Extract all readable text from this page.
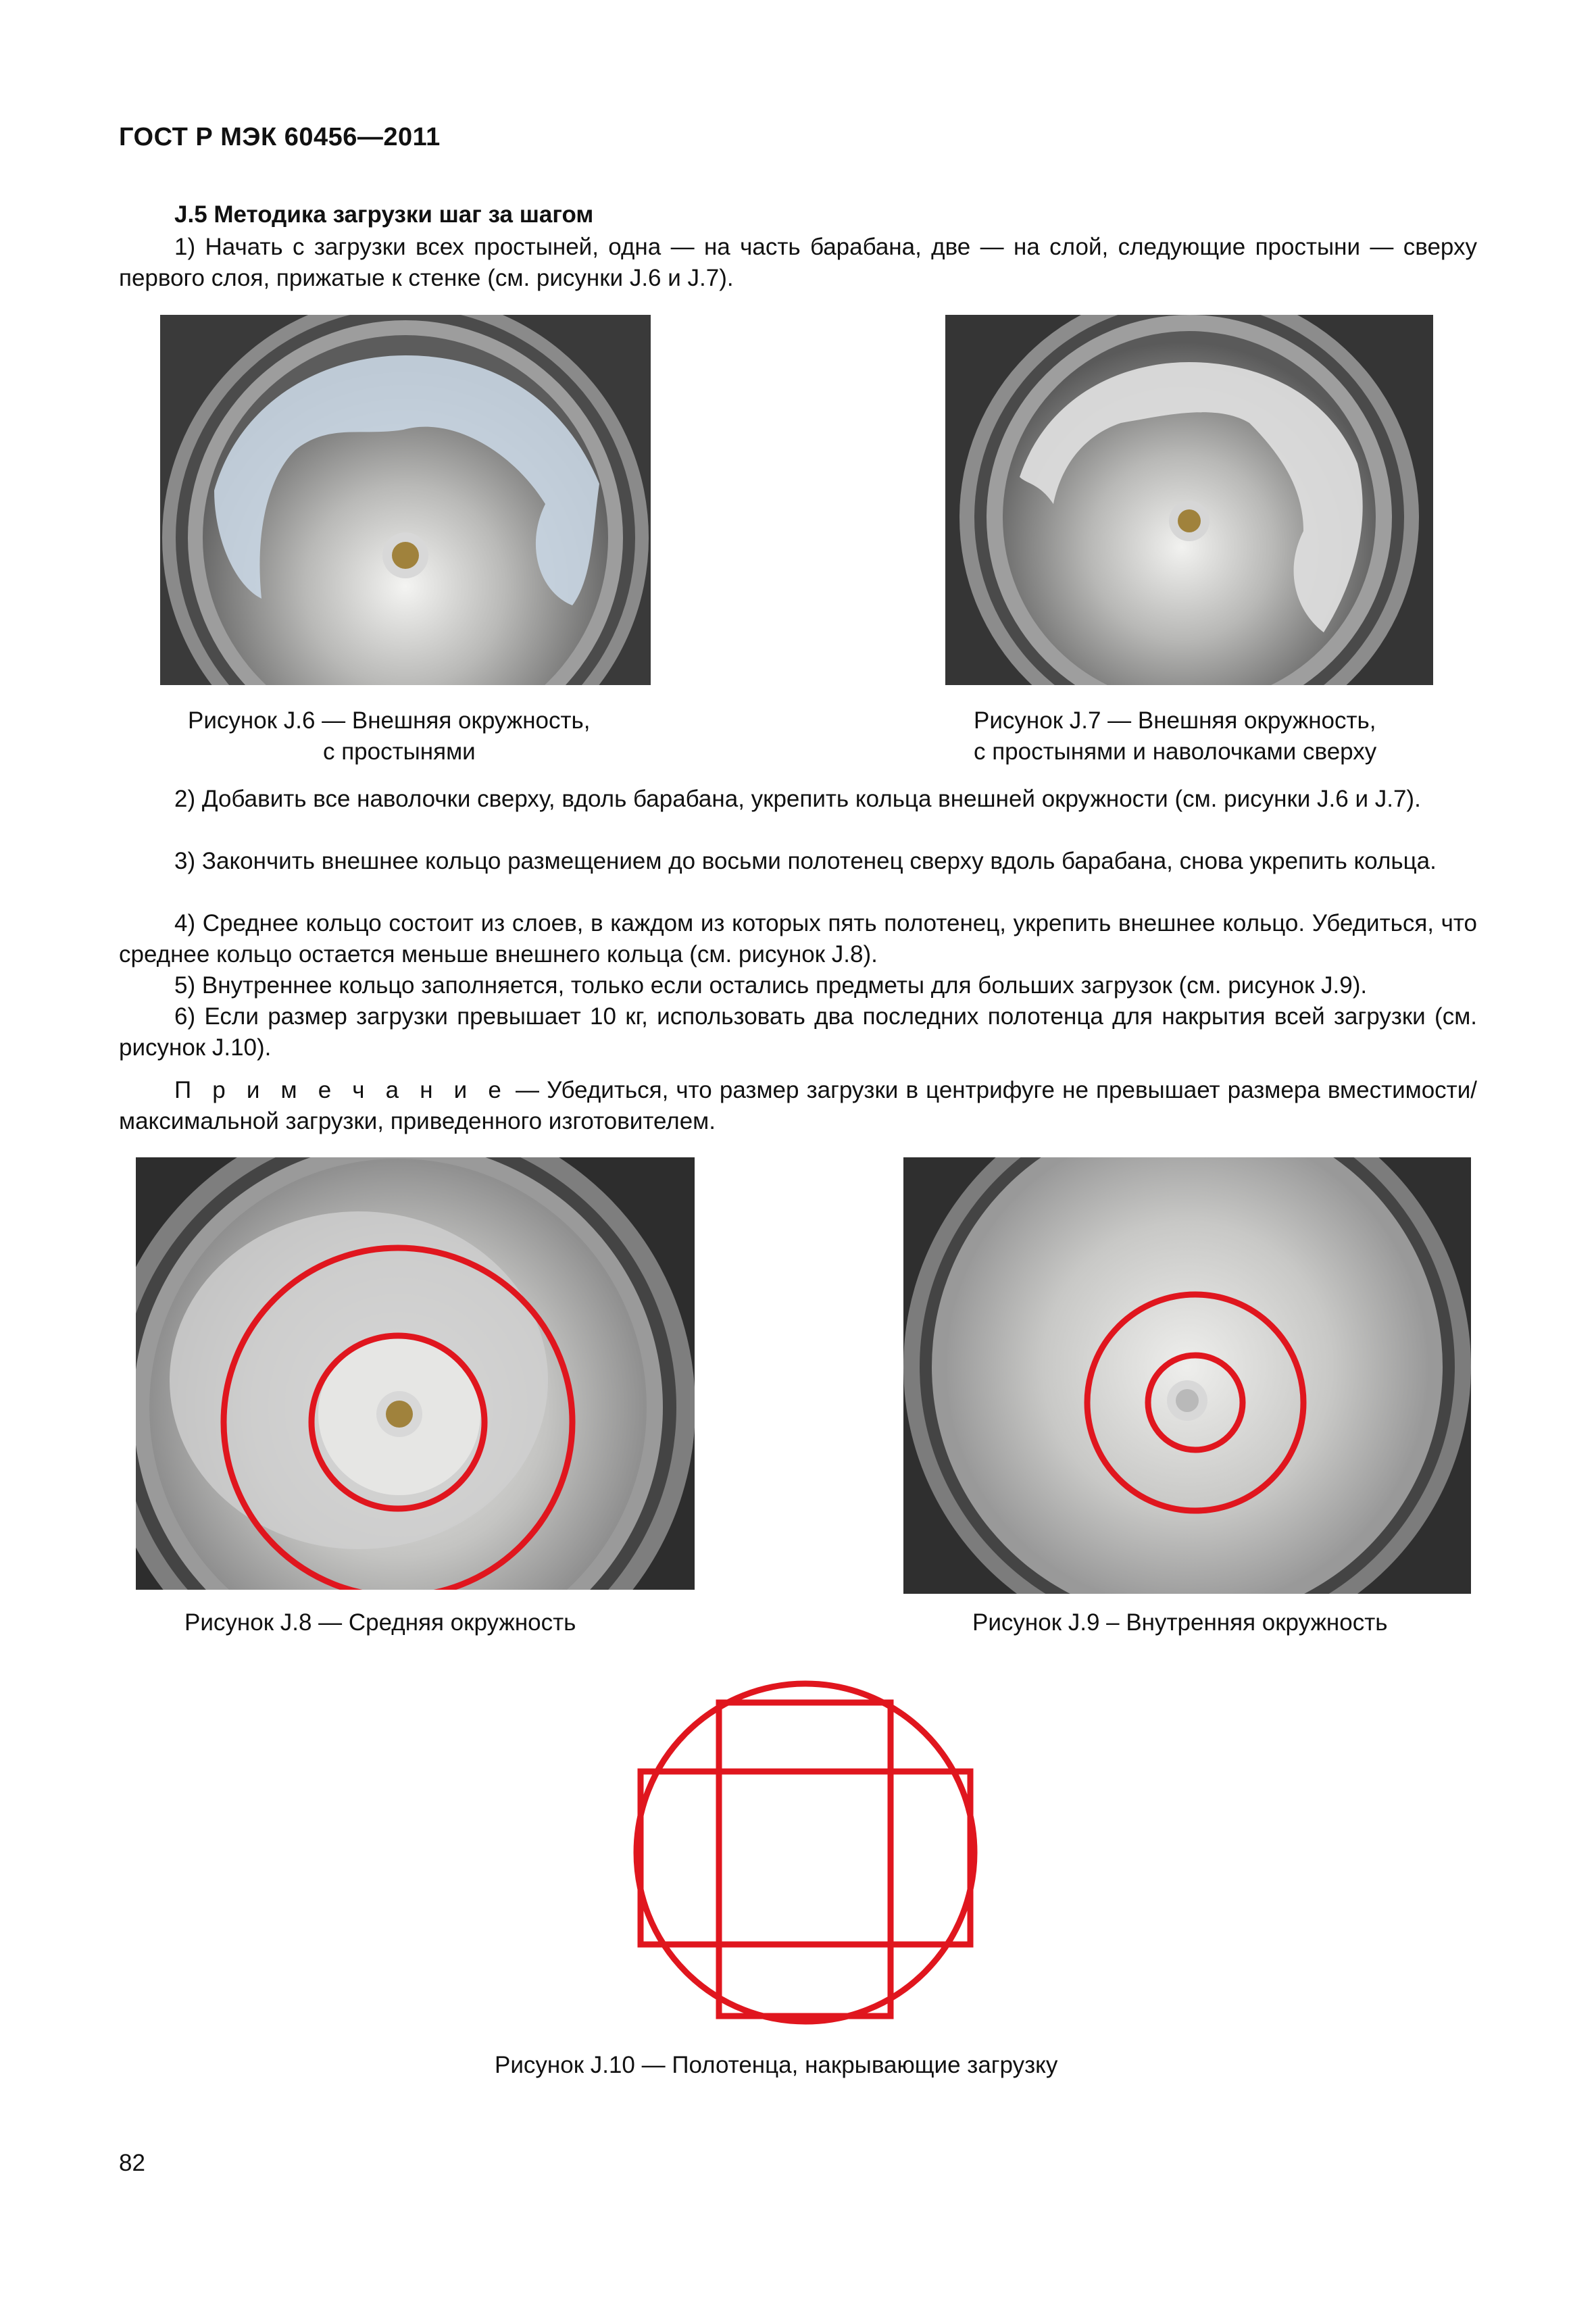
ГОСТ Р МЭК 60456—2011
J.5 Методика загрузки шаг за шагом

1) Начать с загрузки всех простыней, одна — на часть барабана, две — на слой, следующие простыни — сверху первого слоя, прижатые к стенке (см. рисунки J.6 и J.7).

Рисунок J.6 — Внешняя окружность,
с простынями
Рисунок J.7 — Внешняя окружность,
с простынями и наволочками сверху

2) Добавить все наволочки сверху, вдоль барабана, укрепить кольца внешней окружности (см. рисунки J.6 и J.7).

3) Закончить внешнее кольцо размещением до восьми полотенец сверху вдоль барабана, снова укрепить кольца.

4) Среднее кольцо состоит из слоев, в каждом из которых пять полотенец, укрепить внешнее кольцо. Убедиться, что среднее кольцо остается меньше внешнего кольца (см. рисунок J.8).

5) Внутреннее кольцо заполняется, только если остались предметы для больших загрузок (см. рисунок J.9).

6) Если размер загрузки превышает 10 кг, использовать два последних полотенца для накрытия всей загрузки (см. рисунок J.10).

П р и м е ч а н и е — Убедиться, что размер загрузки в центрифуге не превышает размера вместимости/ максимальной загрузки, приведенного изготовителем.

Рисунок J.8 — Средняя окружность	Рисунок J.9 – Внутренняя окружность
Рисунок J.10 — Полотенца, накрывающие загрузку
82
